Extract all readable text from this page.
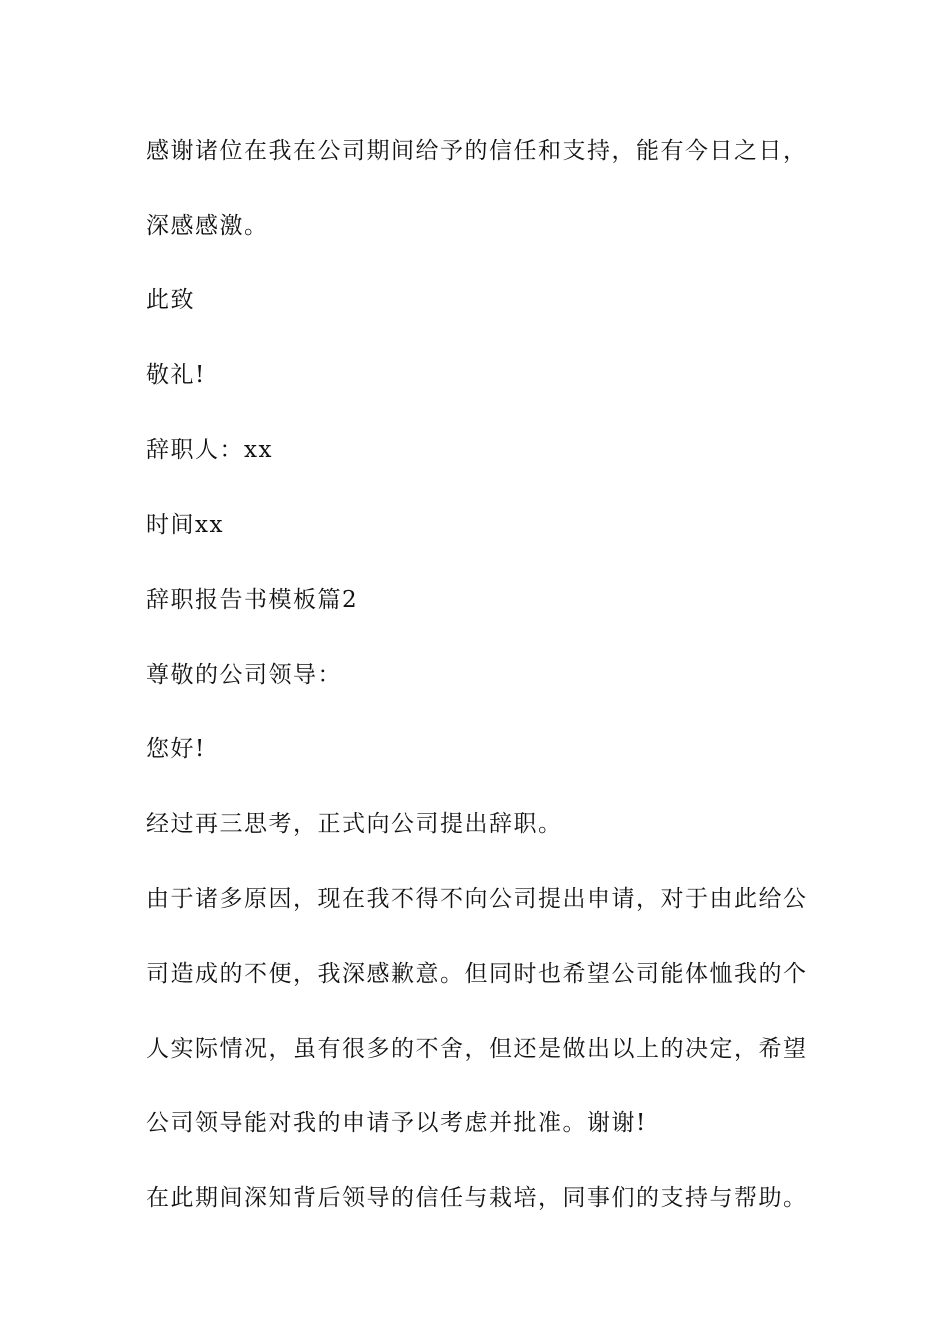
感谢诸位在我在公司期间给予的信任和支持，能有今日之日，
深感感激。
此致
敬礼!
辞职人：xx
时间xx
辞职报告书模板篇2
尊敬的公司领导：
您好!
经过再三思考，正式向公司提出辞职。
由于诸多原因，现在我不得不向公司提出申请，对于由此给公
司造成的不便，我深感歉意。但同时也希望公司能体恤我的个
人实际情况，虽有很多的不舍，但还是做出以上的决定，希望
公司领导能对我的申请予以考虑并批准。谢谢!
在此期间深知背后领导的信任与栽培，同事们的支持与帮助。
